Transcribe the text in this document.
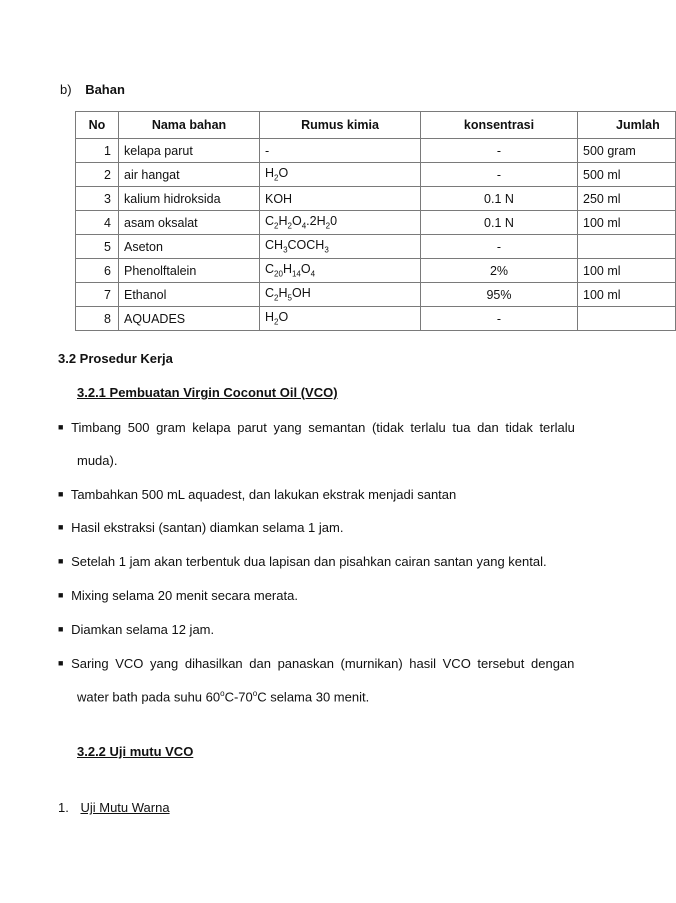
b) Bahan
No	Nama bahan	Rumus kimia	konsentrasi	Jumlah
1	kelapa parut	-	-	500 gram
2	air hangat	$H_2O$	-	500 ml
3	kalium hidroksida	KOH	0.1 N	250 ml
4	asam oksalat	$C_2H_2O_4.2H_20$	0.1 N	100 ml
5	Aseton	$CH_3COCH_3$	-	
6	Phenolftalein	$C_{20}H_{14}O_4$	2%	100 ml
7	Ethanol	$C_2H_5OH$	95%	100 ml
8	AQUADES	$H_2O$	-	
3.2 Prosedur Kerja
3.2.1 Pembuatan Virgin Coconut Oil (VCO)
■ Timbang 500 gram kelapa parut yang semantan (tidak terlalu tua dan tidak terlalu
muda).
■ Tambahkan 500 mL aquadest, dan lakukan ekstrak menjadi santan
■ Hasil ekstraksi (santan) diamkan selama 1 jam.
■ Setelah 1 jam akan terbentuk dua lapisan dan pisahkan cairan santan yang kental.
■ Mixing selama 20 menit secara merata.
■ Diamkan selama 12 jam.
■ Saring VCO yang dihasilkan dan panaskan (murnikan) hasil VCO tersebut dengan
water bath pada suhu 60$^o$C-70$^o$C selama 30 menit.
3.2.2 Uji mutu VCO
1. Uji Mutu Warna
